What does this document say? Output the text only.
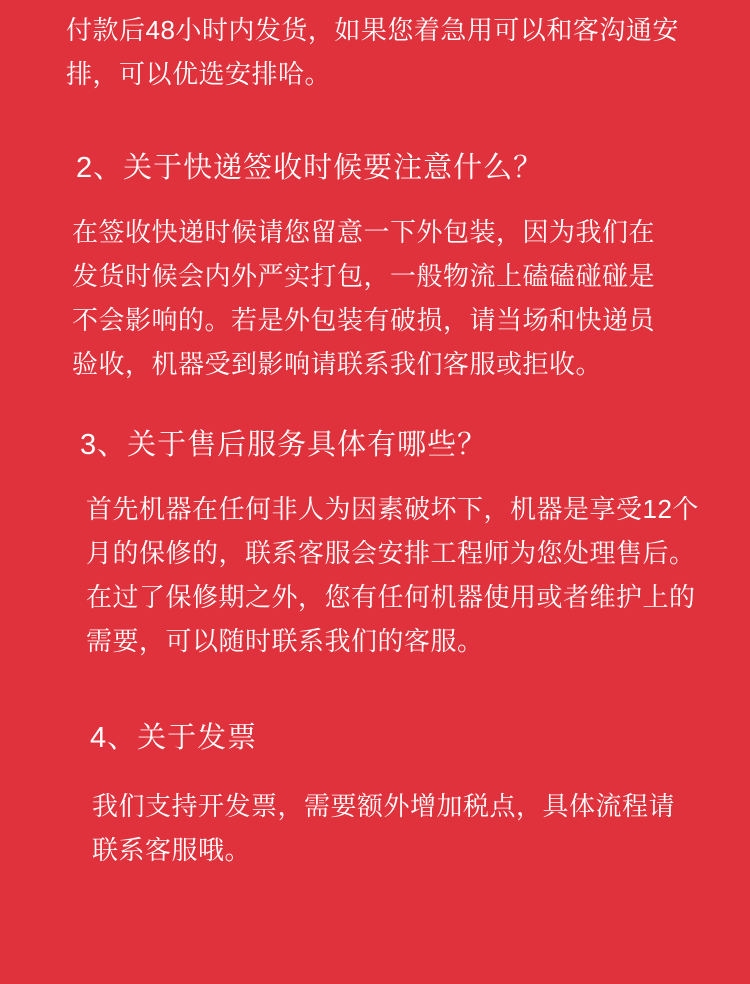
付款后48小时内发货，如果您着急用可以和客沟通安排，可以优选安排哈。

2、关于快递签收时候要注意什么？

在签收快递时候请您留意一下外包装，因为我们在发货时候会内外严实打包，一般物流上磕磕碰碰是不会影响的。若是外包装有破损，请当场和快递员验收，机器受到影响请联系我们客服或拒收。

3、关于售后服务具体有哪些？

首先机器在任何非人为因素破坏下，机器是享受12个月的保修的，联系客服会安排工程师为您处理售后。在过了保修期之外，您有任何机器使用或者维护上的需要，可以随时联系我们的客服。

4、关于发票

我们支持开发票，需要额外增加税点，具体流程请联系客服哦。
